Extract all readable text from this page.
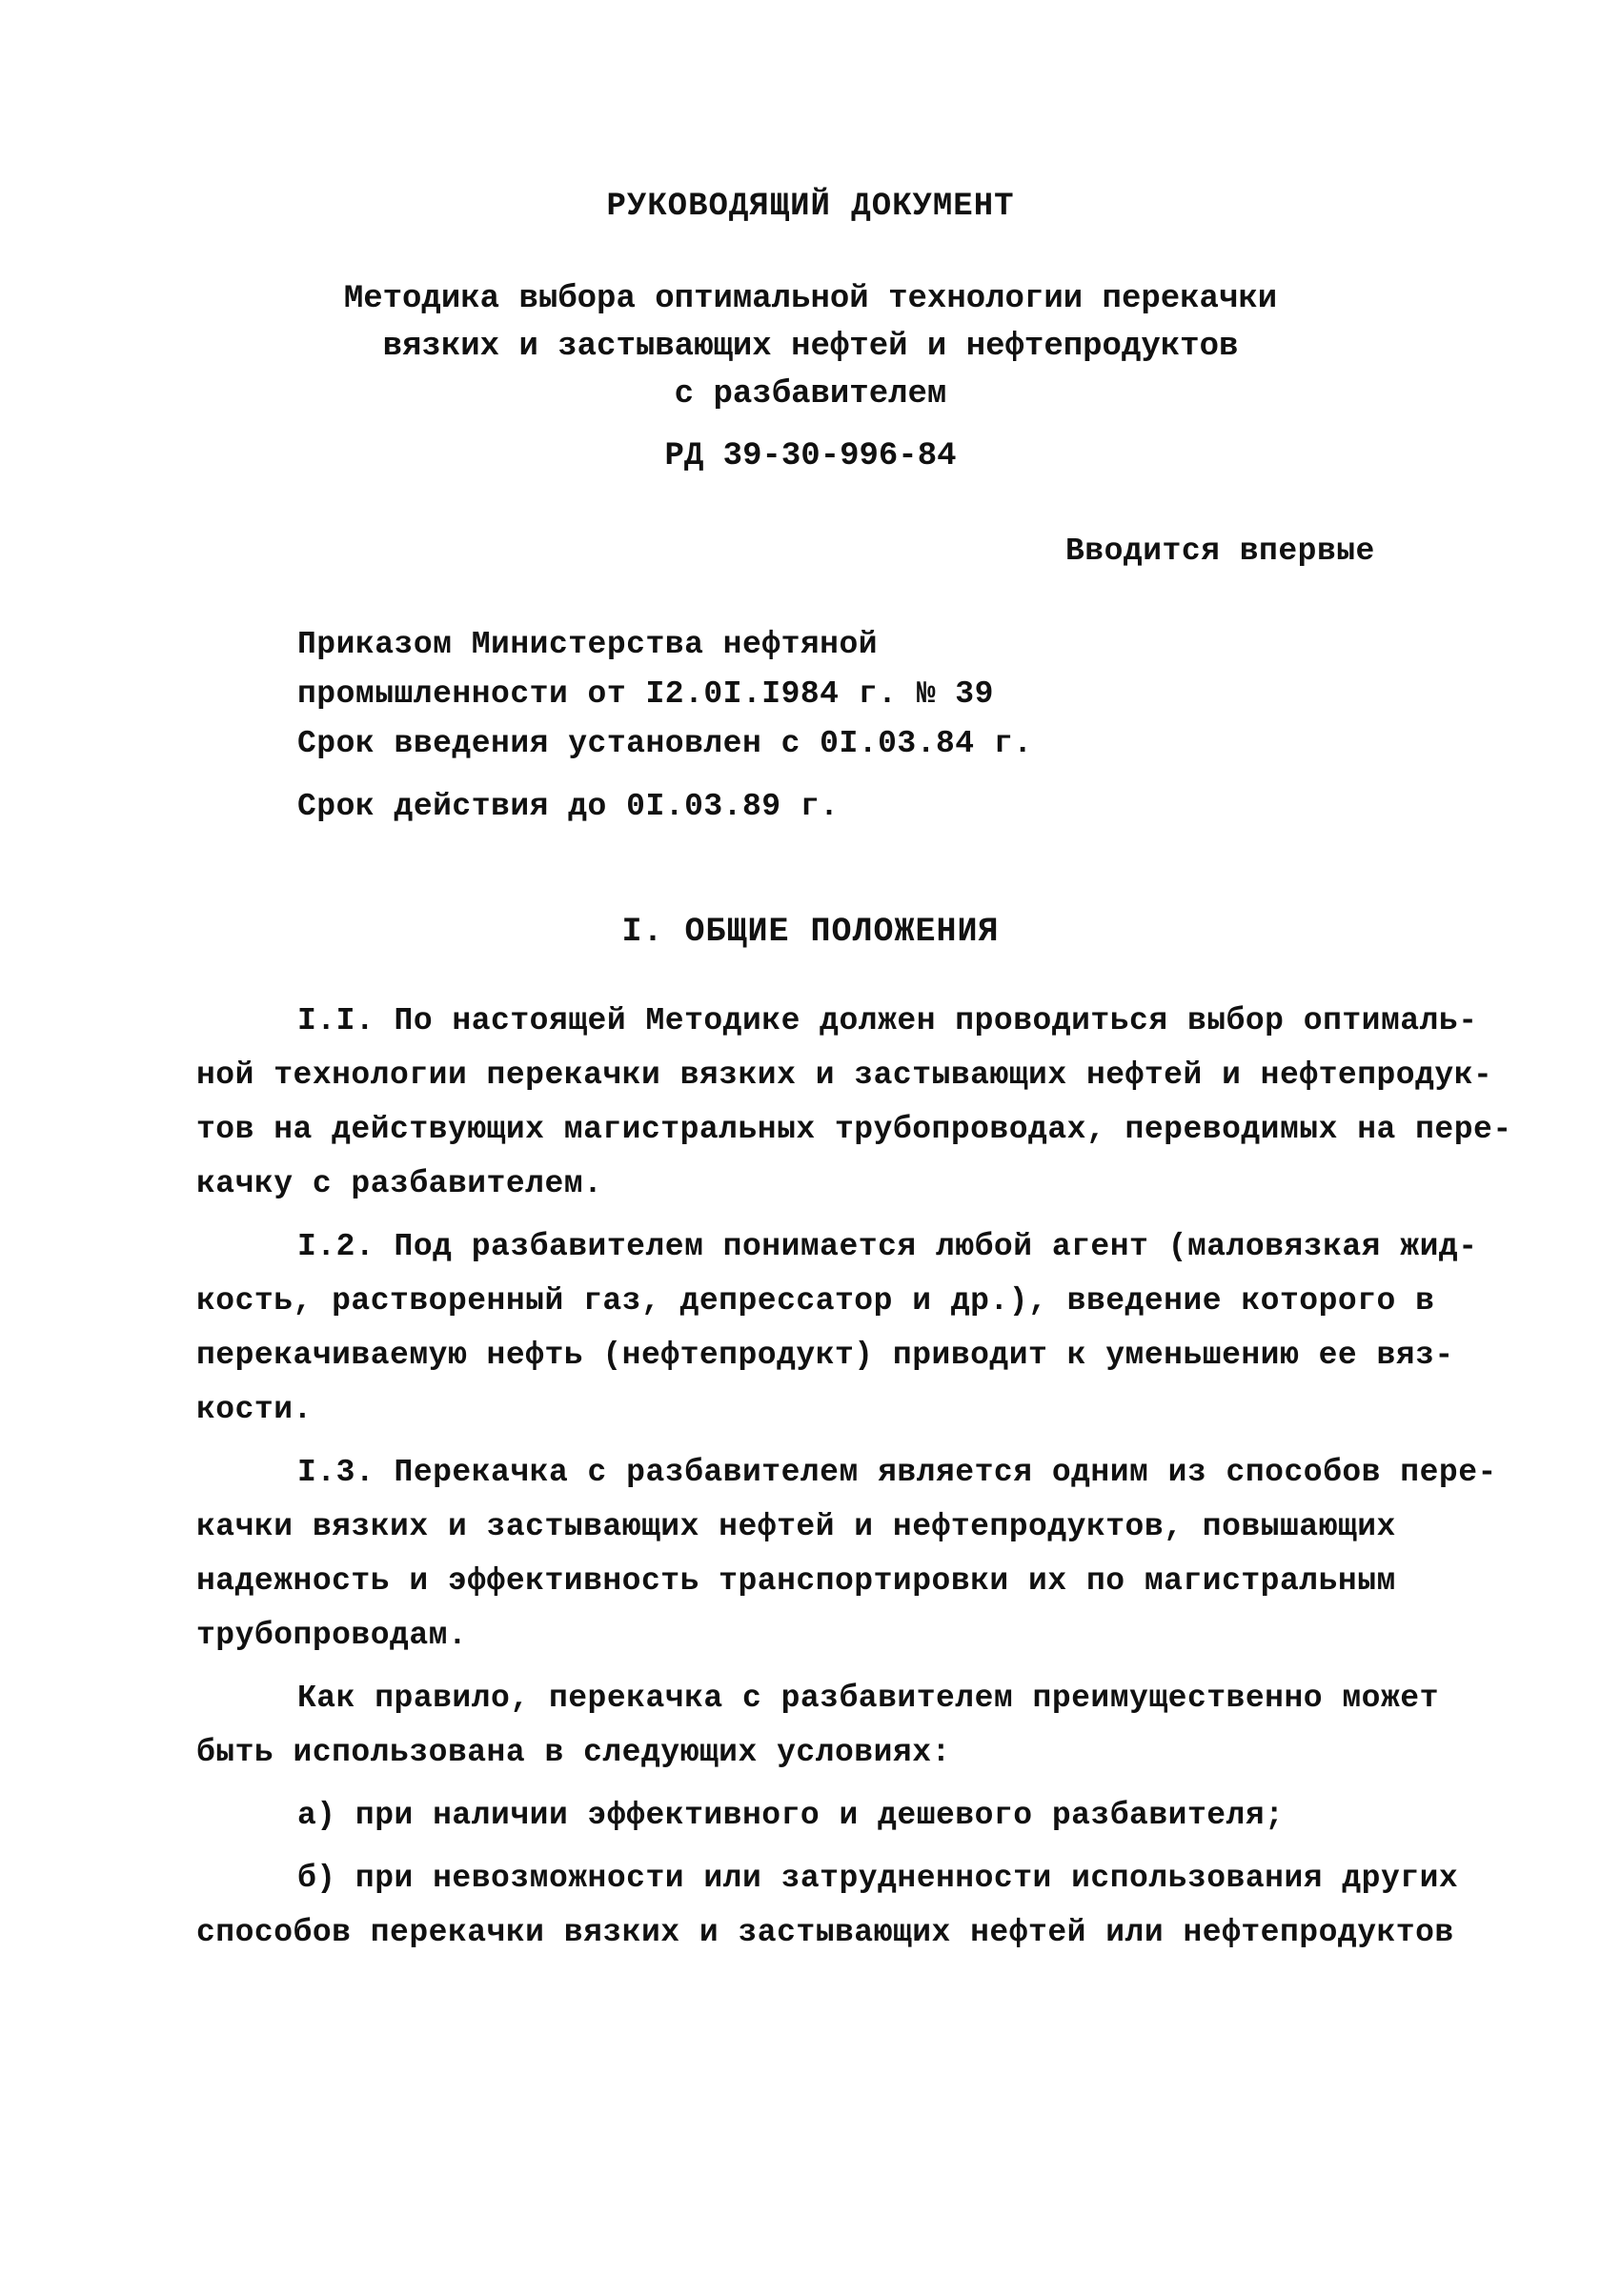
РУКОВОДЯЩИЙ ДОКУМЕНТ
Методика выбора оптимальной технологии перекачки
вязких и застывающих нефтей и нефтепродуктов
с разбавителем
РД 39-30-996-84
Вводится впервые
Приказом Министерства нефтяной
промышленности от I2.0I.I984 г. № 39
Срок введения установлен с 0I.03.84 г.
Срок действия до 0I.03.89 г.
I. ОБЩИЕ ПОЛОЖЕНИЯ
I.I. По настоящей Методике должен проводиться выбор оптималь-
ной технологии перекачки вязких и застывающих нефтей и нефтепродук-
тов на действующих магистральных трубопроводах, переводимых на пере-
качку с разбавителем.
I.2. Под разбавителем понимается любой агент (маловязкая жид-
кость, растворенный газ, депрессатор и др.), введение которого в
перекачиваемую нефть (нефтепродукт) приводит к уменьшению ее вяз-
кости.
I.3. Перекачка с разбавителем является одним из способов пере-
качки вязких и застывающих нефтей и нефтепродуктов, повышающих
надежность и эффективность транспортировки их по магистральным
трубопроводам.
Как правило, перекачка с разбавителем преимущественно может
быть использована в следующих условиях:
а) при наличии эффективного и дешевого разбавителя;
б) при невозможности или затрудненности использования других
способов перекачки вязких и застывающих нефтей или нефтепродуктов
